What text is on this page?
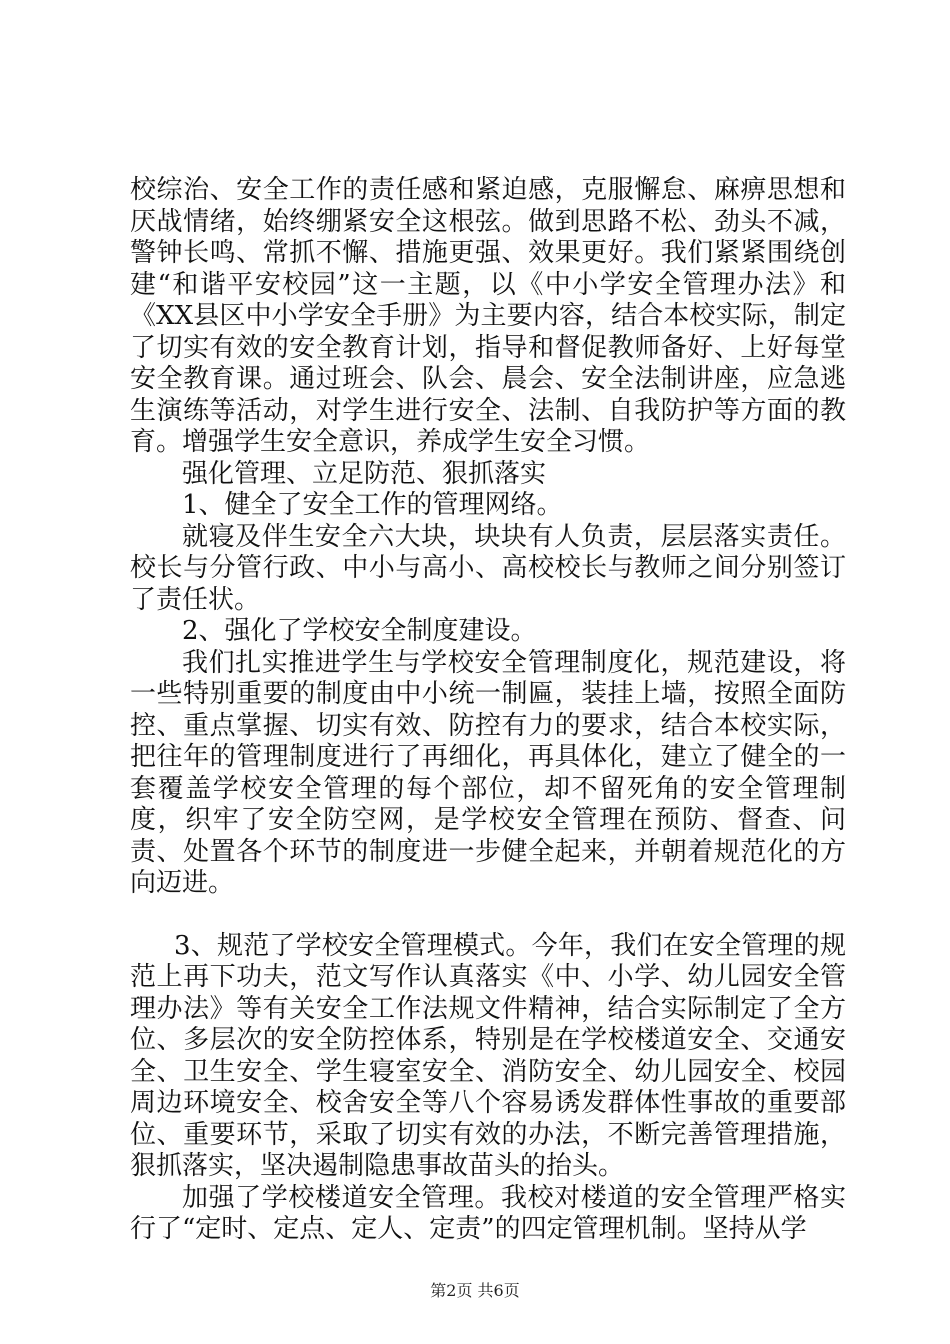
校综治、安全工作的责任感和紧迫感，克服懈怠、麻痹思想和厌战情绪，始终绷紧安全这根弦。做到思路不松、劲头不减，警钟长鸣、常抓不懈、措施更强、效果更好。我们紧紧围绕创建“和谐平安校园”这一主题，以《中小学安全管理办法》和《XX县区中小学安全手册》为主要内容，结合本校实际，制定了切实有效的安全教育计划，指导和督促教师备好、上好每堂安全教育课。通过班会、队会、晨会、安全法制讲座，应急逃生演练等活动，对学生进行安全、法制、自我防护等方面的教育。增强学生安全意识，养成学生安全习惯。

强化管理、立足防范、狠抓落实

1、健全了安全工作的管理网络。

就寝及伴生安全六大块，块块有人负责，层层落实责任。校长与分管行政、中小与高小、高校校长与教师之间分别签订了责任状。

2、强化了学校安全制度建设。

我们扎实推进学生与学校安全管理制度化，规范建设，将一些特别重要的制度由中小统一制匾，装挂上墙，按照全面防控、重点掌握、切实有效、防控有力的要求，结合本校实际，把往年的管理制度进行了再细化，再具体化，建立了健全的一套覆盖学校安全管理的每个部位，却不留死角的安全管理制度，织牢了安全防空网，是学校安全管理在预防、督查、问责、处置各个环节的制度进一步健全起来，并朝着规范化的方向迈进。

3、规范了学校安全管理模式。今年，我们在安全管理的规范上再下功夫，范文写作认真落实《中、小学、幼儿园安全管理办法》等有关安全工作法规文件精神，结合实际制定了全方位、多层次的安全防控体系，特别是在学校楼道安全、交通安全、卫生安全、学生寝室安全、消防安全、幼儿园安全、校园周边环境安全、校舍安全等八个容易诱发群体性事故的重要部位、重要环节，采取了切实有效的办法，不断完善管理措施，狠抓落实，坚决遏制隐患事故苗头的抬头。

加强了学校楼道安全管理。我校对楼道的安全管理严格实行了“定时、定点、定人、定责”的四定管理机制。坚持从学

第2页 共6页
